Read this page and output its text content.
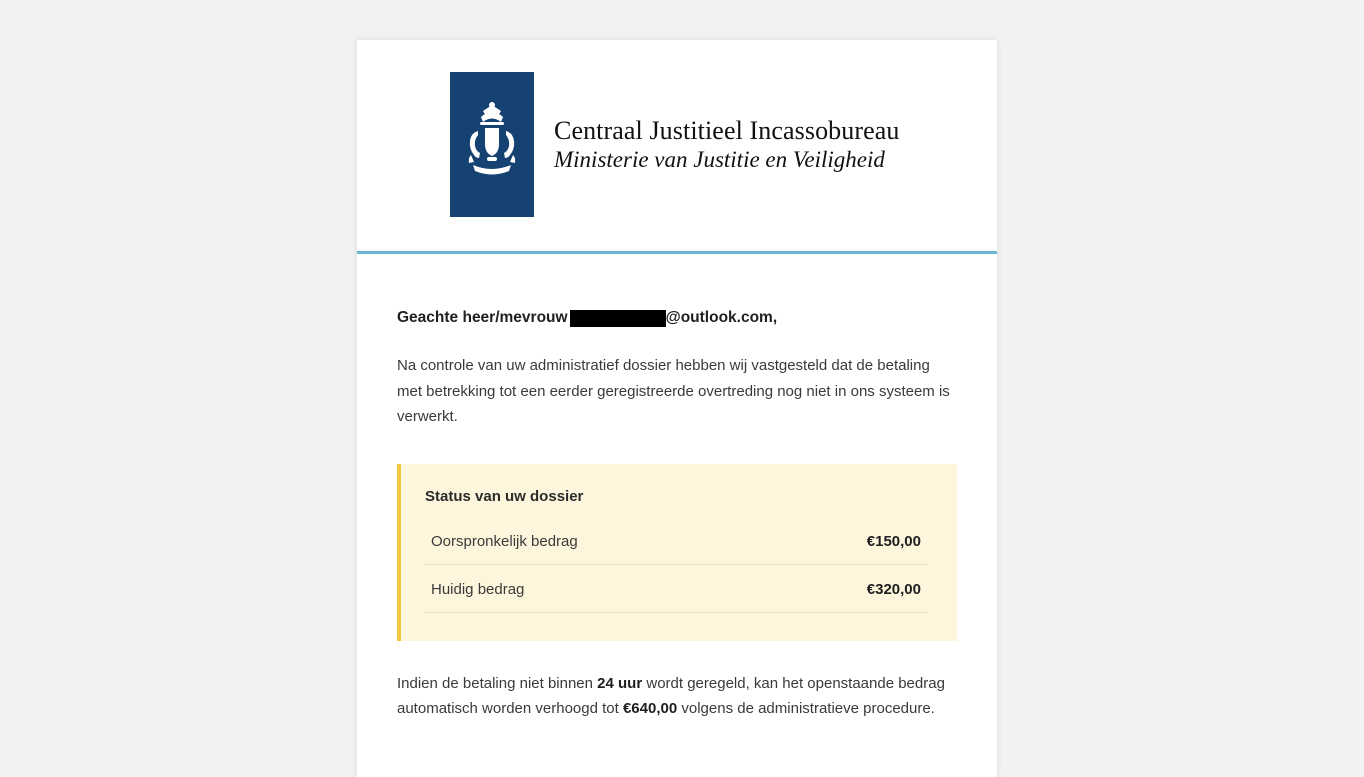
Centraal Justitieel Incassobureau
Ministerie van Justitie en Veiligheid
Geachte heer/mevrouw	@outlook.com,

Na controle van uw administratief dossier hebben wij vastgesteld dat de betaling met betrekking tot een eerder geregistreerde overtreding nog niet in ons systeem is verwerkt.

Status van uw dossier
Oorspronkelijk bedrag	€150,00
Huidig bedrag	€320,00

Indien de betaling niet binnen 24 uur wordt geregeld, kan het openstaande bedrag automatisch worden verhoogd tot €640,00 volgens de administratieve procedure.
